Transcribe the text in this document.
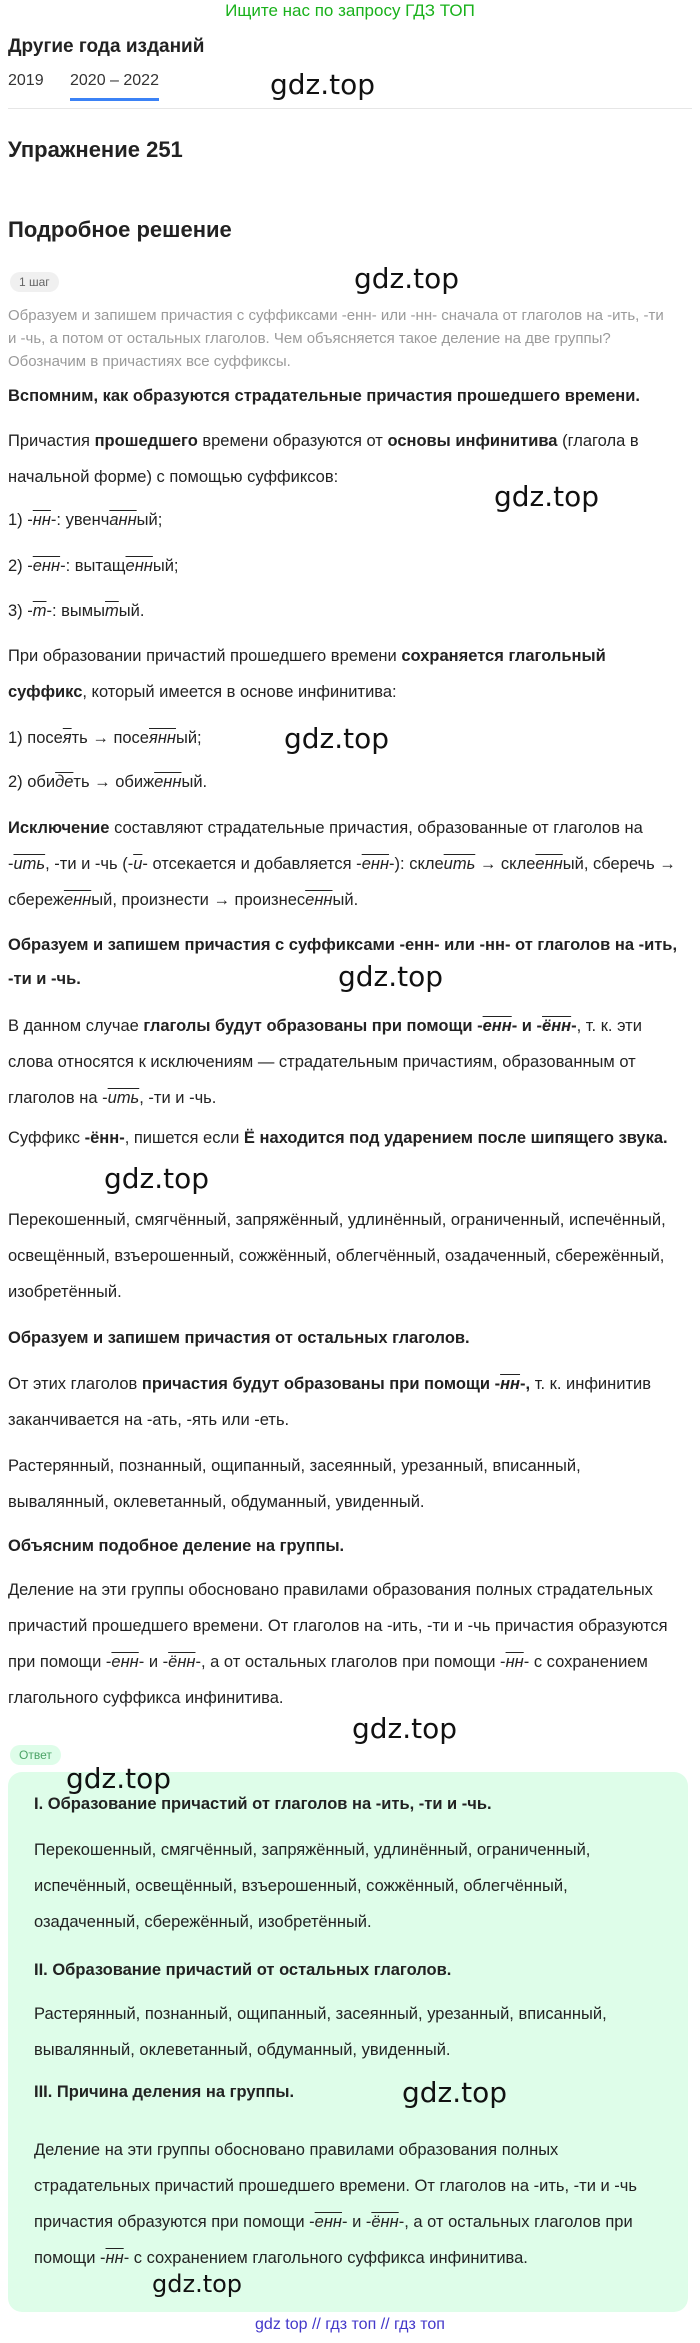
Ищите нас по запросу ГДЗ ТОП
Другие года изданий
2019 2020 – 2022	gdz.top
Упражнение 251
Подробное решение
1 шаг	gdz.top
Образуем и запишем причастия с суффиксами -енн- или -нн- сначала от глаголов на -ить, -ти и -чь, а потом от остальных глаголов. Чем объясняется такое деление на две группы? Обозначим в причастиях все суффиксы.
Вспомним, как образуются страдательные причастия прошедшего времени.
Причастия прошедшего времени образуются от основы инфинитива (глагола в начальной форме) с помощью суффиксов:
gdz.top
1) -нн-: увенчанный;
2) -енн-: вытащенный;
3) -т-: вымытый.
При образовании причастий прошедшего времени сохраняется глагольный суффикс, который имеется в основе инфинитива:
1) посеять → посеянный;	gdz.top
2) обидеть → обиженный.
Исключение составляют страдательные причастия, образованные от глаголов на -ить, -ти и -чь (-и- отсекается и добавляется -енн-): склеить → склеенный, сберечь → сбереженный, произнести → произнесенный.
Образуем и запишем причастия с суффиксами -енн- или -нн- от глаголов на -ить, -ти и -чь.	gdz.top
В данном случае глаголы будут образованы при помощи -енн- и -ённ-, т. к. эти слова относятся к исключениям — страдательным причастиям, образованным от глаголов на -ить, -ти и -чь.
Суффикс -ённ-, пишется если Ё находится под ударением после шипящего звука.
gdz.top
Перекошенный, смягчённый, запряжённый, удлинённый, ограниченный, испечённый, освещённый, взъерошенный, сожжённый, облегчённый, озадаченный, сбережённый, изобретённый.
Образуем и запишем причастия от остальных глаголов.
От этих глаголов причастия будут образованы при помощи -нн-, т. к. инфинитив заканчивается на -ать, -ять или -еть.
Растерянный, познанный, ощипанный, засеянный, урезанный, вписанный, вывалянный, оклеветанный, обдуманный, увиденный.
Объясним подобное деление на группы.
Деление на эти группы обосновано правилами образования полных страдательных причастий прошедшего времени. От глаголов на -ить, -ти и -чь причастия образуются при помощи -енн- и -ённ-, а от остальных глаголов при помощи -нн- с сохранением глагольного суффикса инфинитива.
gdz.top
Ответ
I. Образование причастий от глаголов на -ить, -ти и -чь.
Перекошенный, смягчённый, запряжённый, удлинённый, ограниченный, испечённый, освещённый, взъерошенный, сожжённый, облегчённый, озадаченный, сбережённый, изобретённый.
II. Образование причастий от остальных глаголов.
Растерянный, познанный, ощипанный, засеянный, урезанный, вписанный, вывалянный, оклеветанный, обдуманный, увиденный.
III. Причина деления на группы.
Деление на эти группы обосновано правилами образования полных страдательных причастий прошедшего времени. От глаголов на -ить, -ти и -чь причастия образуются при помощи -енн- и -ённ-, а от остальных глаголов при помощи -нн- с сохранением глагольного суффикса инфинитива.
gdz.top
gdz.top
gdz.top
gdz top // гдз топ // гдз топ
